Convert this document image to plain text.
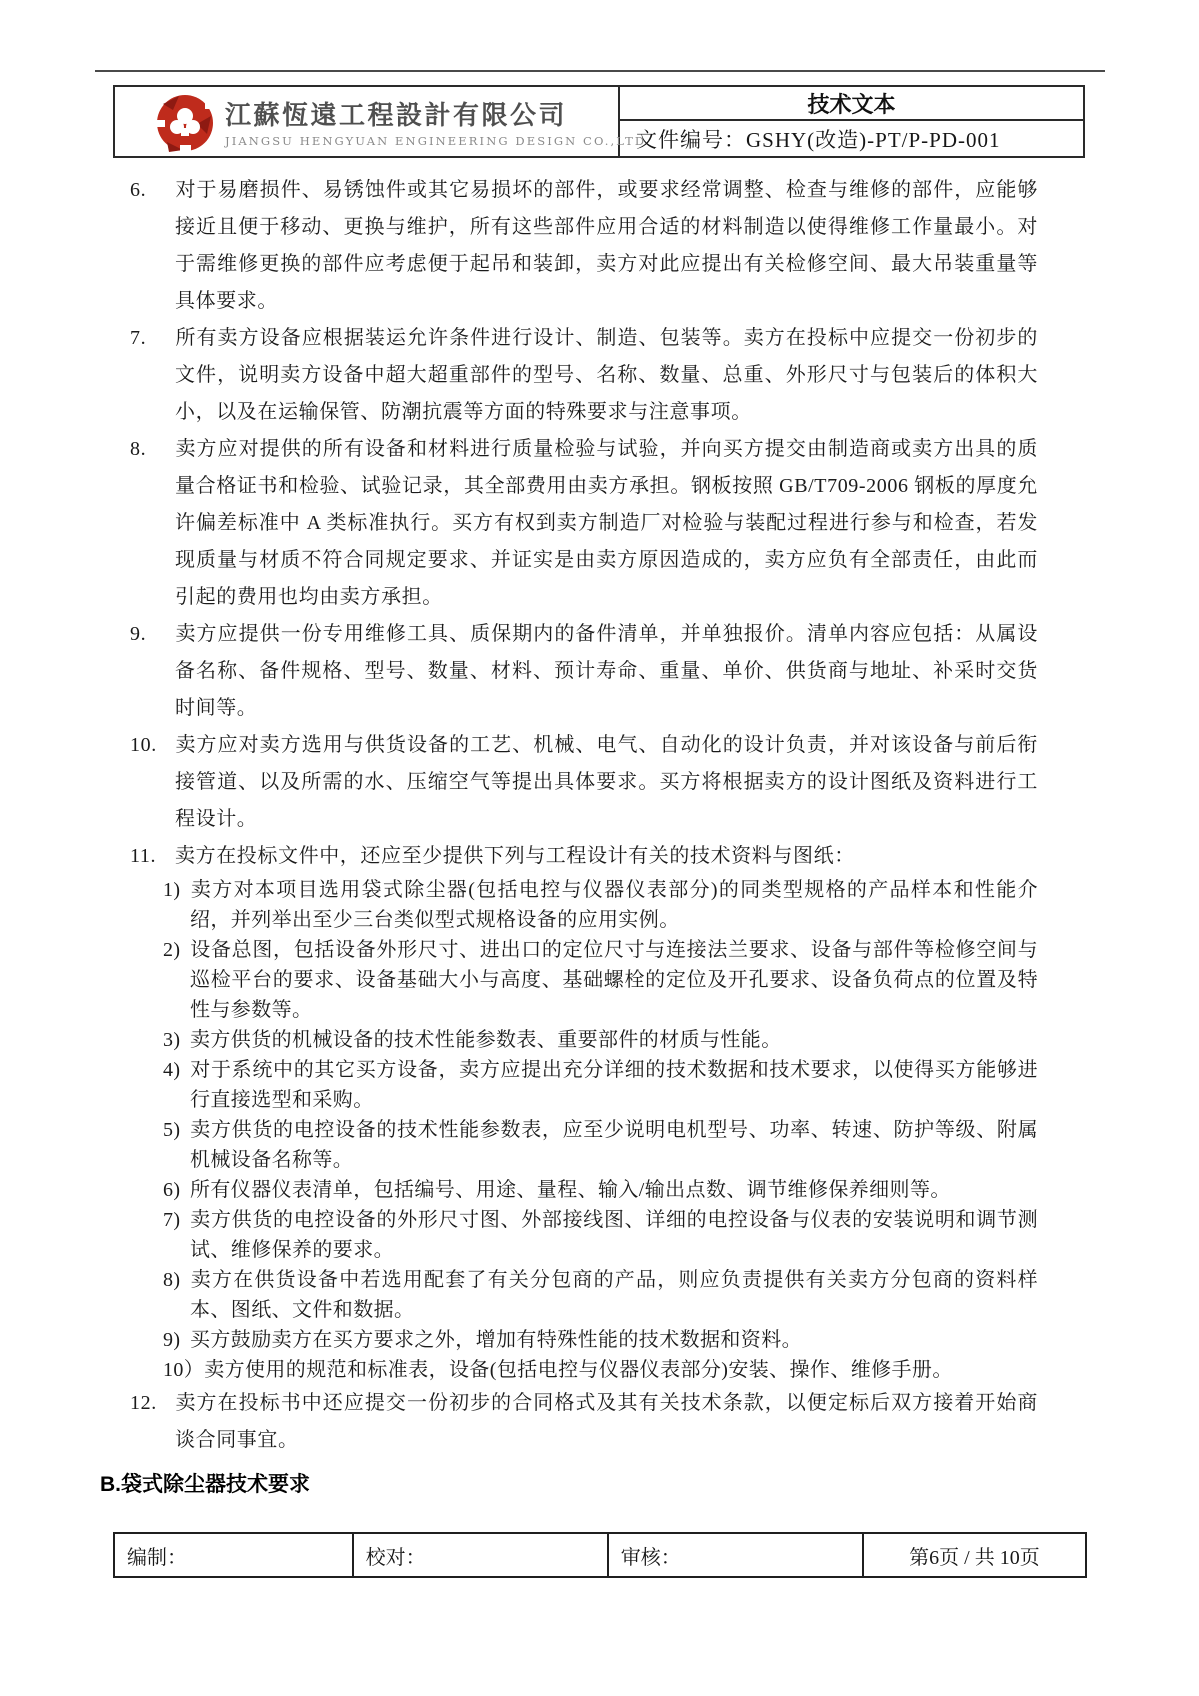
江蘇恆遠工程設計有限公司
JIANGSU HENGYUAN ENGINEERING DESIGN CO.,LTD
技术文本
文件编号： GSHY(改造)-PT/P-PD-001
6. 对于易磨损件、易锈蚀件或其它易损坏的部件，或要求经常调整、检查与维修的部件，应能够接近且便于移动、更换与维护，所有这些部件应用合适的材料制造以使得维修工作量最小。对于需维修更换的部件应考虑便于起吊和装卸，卖方对此应提出有关检修空间、最大吊装重量等具体要求。
7. 所有卖方设备应根据装运允许条件进行设计、制造、包装等。卖方在投标中应提交一份初步的文件，说明卖方设备中超大超重部件的型号、名称、数量、总重、外形尺寸与包装后的体积大小，以及在运输保管、防潮抗震等方面的特殊要求与注意事项。
8. 卖方应对提供的所有设备和材料进行质量检验与试验，并向买方提交由制造商或卖方出具的质量合格证书和检验、试验记录，其全部费用由卖方承担。钢板按照 GB/T709-2006 钢板的厚度允许偏差标准中 A 类标准执行。买方有权到卖方制造厂对检验与装配过程进行参与和检查，若发现质量与材质不符合同规定要求、并证实是由卖方原因造成的，卖方应负有全部责任，由此而引起的费用也均由卖方承担。
9. 卖方应提供一份专用维修工具、质保期内的备件清单，并单独报价。清单内容应包括：从属设备名称、备件规格、型号、数量、材料、预计寿命、重量、单价、供货商与地址、补采时交货时间等。
10. 卖方应对卖方选用与供货设备的工艺、机械、电气、自动化的设计负责，并对该设备与前后衔接管道、以及所需的水、压缩空气等提出具体要求。买方将根据卖方的设计图纸及资料进行工程设计。
11. 卖方在投标文件中，还应至少提供下列与工程设计有关的技术资料与图纸：
1) 卖方对本项目选用袋式除尘器(包括电控与仪器仪表部分)的同类型规格的产品样本和性能介绍，并列举出至少三台类似型式规格设备的应用实例。
2) 设备总图，包括设备外形尺寸、进出口的定位尺寸与连接法兰要求、设备与部件等检修空间与巡检平台的要求、设备基础大小与高度、基础螺栓的定位及开孔要求、设备负荷点的位置及特性与参数等。
3) 卖方供货的机械设备的技术性能参数表、重要部件的材质与性能。
4) 对于系统中的其它买方设备，卖方应提出充分详细的技术数据和技术要求，以使得买方能够进行直接选型和采购。
5) 卖方供货的电控设备的技术性能参数表，应至少说明电机型号、功率、转速、防护等级、附属机械设备名称等。
6) 所有仪器仪表清单，包括编号、用途、量程、输入/输出点数、调节维修保养细则等。
7) 卖方供货的电控设备的外形尺寸图、外部接线图、详细的电控设备与仪表的安装说明和调节测试、维修保养的要求。
8) 卖方在供货设备中若选用配套了有关分包商的产品，则应负责提供有关卖方分包商的资料样本、图纸、文件和数据。
9) 买方鼓励卖方在买方要求之外，增加有特殊性能的技术数据和资料。
10）卖方使用的规范和标准表，设备(包括电控与仪器仪表部分)安装、操作、维修手册。
12. 卖方在投标书中还应提交一份初步的合同格式及其有关技术条款，以便定标后双方接着开始商谈合同事宜。
B.袋式除尘器技术要求
编制：	校对：	审核：	第6页 / 共 10页
